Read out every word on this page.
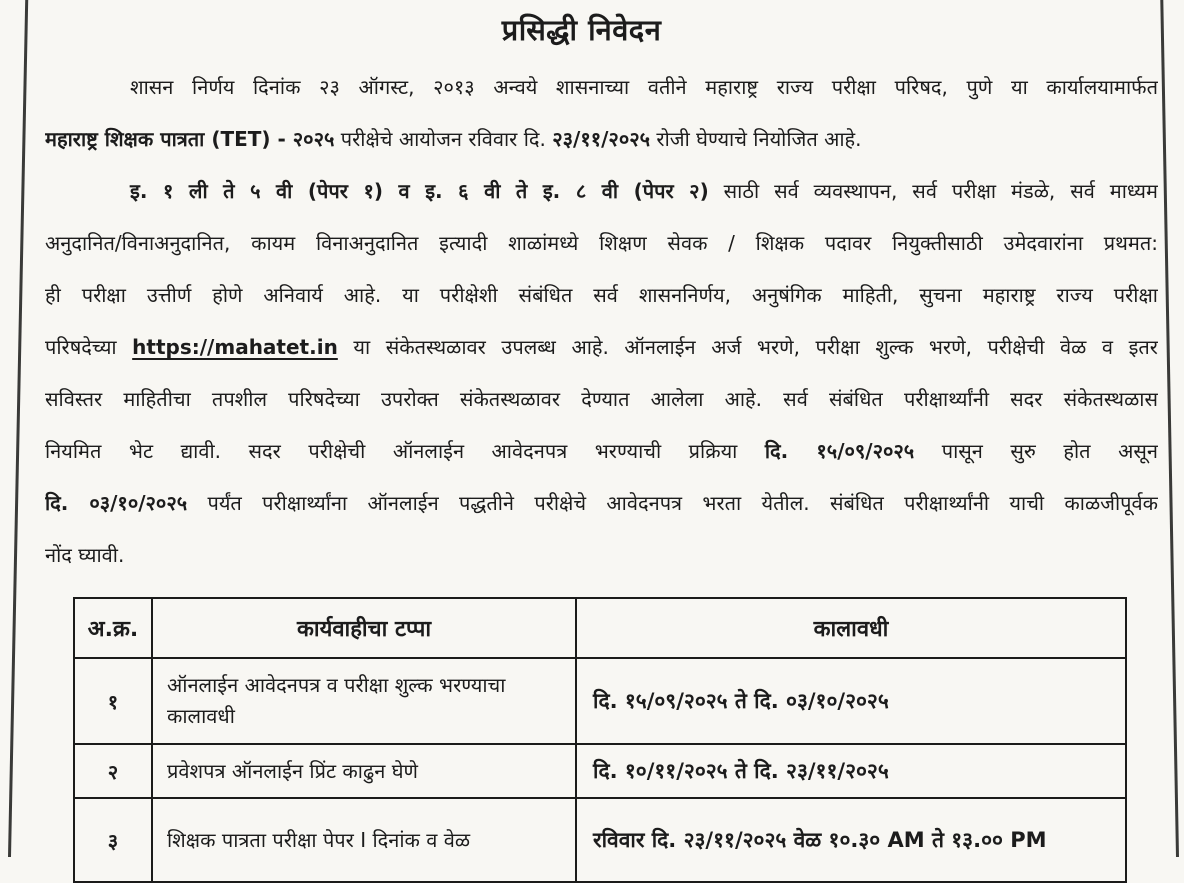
प्रसिद्धी निवेदन
शासन निर्णय दिनांक २३ ऑगस्ट, २०१३ अन्वये शासनाच्या वतीने महाराष्ट्र राज्य परीक्षा परिषद, पुणे या कार्यालयामार्फत
महाराष्ट्र शिक्षक पात्रता (TET) - २०२५ परीक्षेचे आयोजन रविवार दि. २३/११/२०२५ रोजी घेण्याचे नियोजित आहे.
इ. १ ली ते ५ वी (पेपर १) व इ. ६ वी ते इ. ८ वी (पेपर २) साठी सर्व व्यवस्थापन, सर्व परीक्षा मंडळे, सर्व माध्यम
अनुदानित/विनाअनुदानित, कायम विनाअनुदानित इत्यादी शाळांमध्ये शिक्षण सेवक / शिक्षक पदावर नियुक्तीसाठी उमेदवारांना प्रथमत:
ही परीक्षा उत्तीर्ण होणे अनिवार्य आहे. या परीक्षेशी संबंधित सर्व शासननिर्णय, अनुषंगिक माहिती, सुचना महाराष्ट्र राज्य परीक्षा
परिषदेच्या https://mahatet.in या संकेतस्थळावर उपलब्ध आहे. ऑनलाईन अर्ज भरणे, परीक्षा शुल्क भरणे, परीक्षेची वेळ व इतर
सविस्तर माहितीचा तपशील परिषदेच्या उपरोक्त संकेतस्थळावर देण्यात आलेला आहे. सर्व संबंधित परीक्षार्थ्यांनी सदर संकेतस्थळास
नियमित भेट द्यावी. सदर परीक्षेची ऑनलाईन आवेदनपत्र भरण्याची प्रक्रिया दि. १५/०९/२०२५ पासून सुरु होत असून
दि. ०३/१०/२०२५ पर्यंत परीक्षार्थ्यांना ऑनलाईन पद्धतीने परीक्षेचे आवेदनपत्र भरता येतील. संबंधित परीक्षार्थ्यांनी याची काळजीपूर्वक
नोंद घ्यावी.
अ.क्र.	कार्यवाहीचा टप्पा	कालावधी
१	ऑनलाईन आवेदनपत्र व परीक्षा शुल्क भरण्याचा कालावधी	दि. १५/०९/२०२५ ते दि. ०३/१०/२०२५
२	प्रवेशपत्र ऑनलाईन प्रिंट काढुन घेणे	दि. १०/११/२०२५ ते दि. २३/११/२०२५
३	शिक्षक पात्रता परीक्षा पेपर I दिनांक व वेळ	रविवार दि. २३/११/२०२५ वेळ १०.३० AM ते १३.०० PM
